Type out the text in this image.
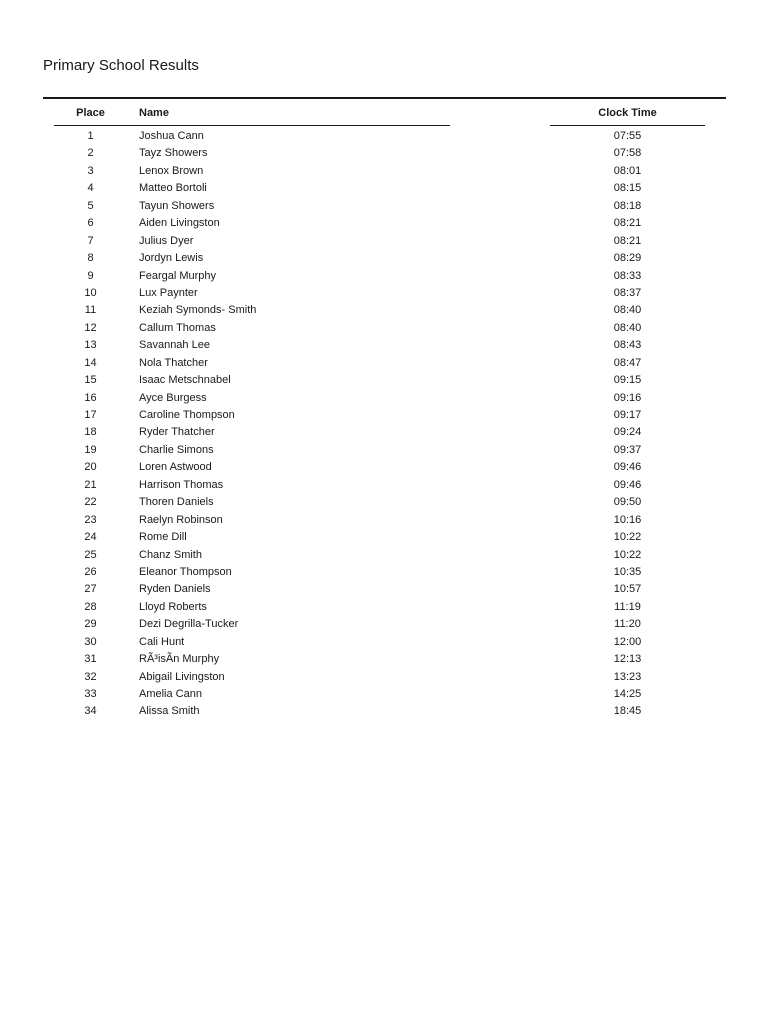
Primary School Results
Place	Name	Clock Time
1	Joshua Cann	07:55
2	Tayz Showers	07:58
3	Lenox Brown	08:01
4	Matteo Bortoli	08:15
5	Tayun Showers	08:18
6	Aiden Livingston	08:21
7	Julius Dyer	08:21
8	Jordyn Lewis	08:29
9	Feargal Murphy	08:33
10	Lux Paynter	08:37
11	Keziah Symonds- Smith	08:40
12	Callum Thomas	08:40
13	Savannah Lee	08:43
14	Nola Thatcher	08:47
15	Isaac Metschnabel	09:15
16	Ayce Burgess	09:16
17	Caroline Thompson	09:17
18	Ryder Thatcher	09:24
19	Charlie Simons	09:37
20	Loren Astwood	09:46
21	Harrison Thomas	09:46
22	Thoren Daniels	09:50
23	Raelyn Robinson	10:16
24	Rome Dill	10:22
25	Chanz Smith	10:22
26	Eleanor Thompson	10:35
27	Ryden Daniels	10:57
28	Lloyd Roberts	11:19
29	Dezi Degrilla-Tucker	11:20
30	Cali Hunt	12:00
31	RÃ³isÃn Murphy	12:13
32	Abigail Livingston	13:23
33	Amelia Cann	14:25
34	Alissa Smith	18:45
